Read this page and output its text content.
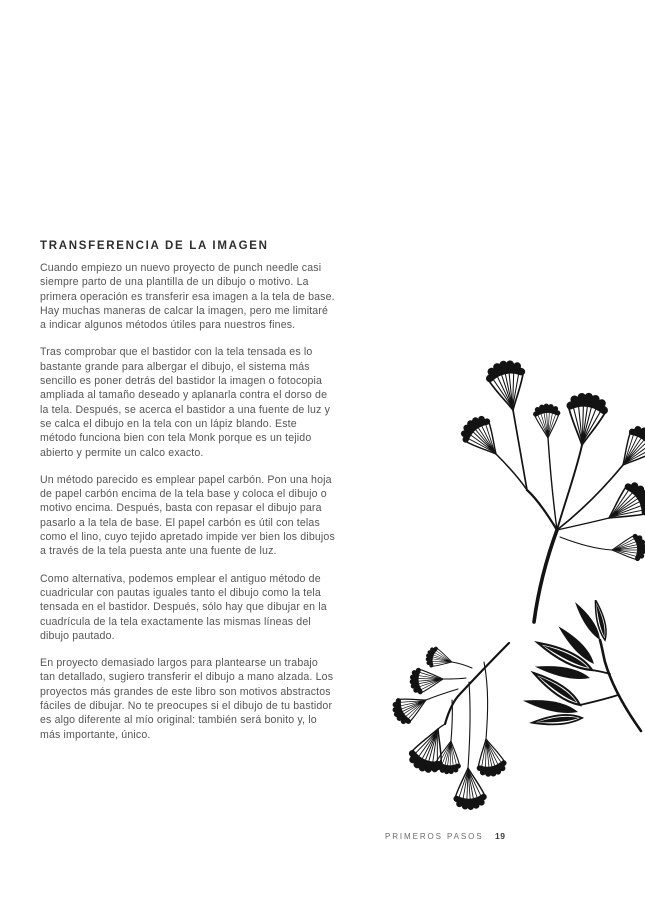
TRANSFERENCIA DE LA IMAGEN

Cuando empiezo un nuevo proyecto de punch needle casi siempre parto de una plantilla de un dibujo o motivo. La primera operación es transferir esa imagen a la tela de base. Hay muchas maneras de calcar la imagen, pero me limitaré a indicar algunos métodos útiles para nuestros fines.

Tras comprobar que el bastidor con la tela tensada es lo bastante grande para albergar el dibujo, el sistema más sencillo es poner detrás del bastidor la imagen o fotocopia ampliada al tamaño deseado y aplanarla contra el dorso de la tela. Después, se acerca el bastidor a una fuente de luz y se calca el dibujo en la tela con un lápiz blando. Este método funciona bien con tela Monk porque es un tejido abierto y permite un calco exacto.

Un método parecido es emplear papel carbón. Pon una hoja de papel carbón encima de la tela base y coloca el dibujo o motivo encima. Después, basta con repasar el dibujo para pasarlo a la tela de base. El papel carbón es útil con telas como el lino, cuyo tejido apretado impide ver bien los dibujos a través de la tela puesta ante una fuente de luz.

Como alternativa, podemos emplear el antiguo método de cuadricular con pautas iguales tanto el dibujo como la tela tensada en el bastidor. Después, sólo hay que dibujar en la cuadrícula de la tela exactamente las mismas líneas del dibujo pautado.

En proyecto demasiado largos para plantearse un trabajo tan detallado, sugiero transferir el dibujo a mano alzada. Los proyectos más grandes de este libro son motivos abstractos fáciles de dibujar. No te preocupes si el dibujo de tu bastidor es algo diferente al mío original: también será bonito y, lo más importante, único.

PRIMEROS PASOS 19
